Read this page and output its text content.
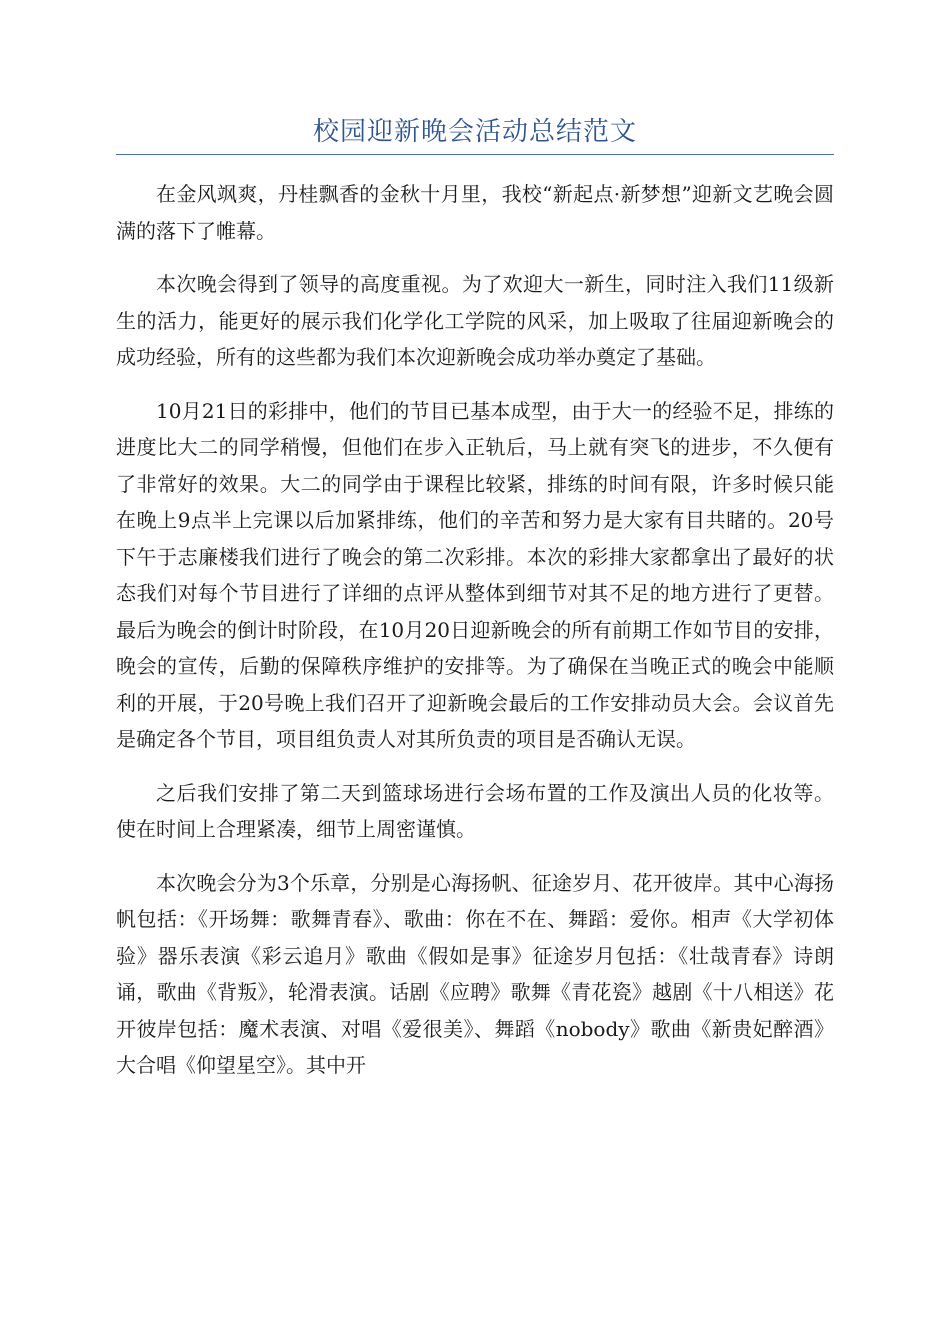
校园迎新晚会活动总结范文

在金风飒爽，丹桂飘香的金秋十月里，我校“新起点·新梦想”迎新文艺晚会圆满的落下了帷幕。

本次晚会得到了领导的高度重视。为了欢迎大一新生，同时注入我们11级新生的活力，能更好的展示我们化学化工学院的风采，加上吸取了往届迎新晚会的成功经验，所有的这些都为我们本次迎新晚会成功举办奠定了基础。

10月21日的彩排中，他们的节目已基本成型，由于大一的经验不足，排练的进度比大二的同学稍慢，但他们在步入正轨后，马上就有突飞的进步，不久便有了非常好的效果。大二的同学由于课程比较紧，排练的时间有限，许多时候只能在晚上9点半上完课以后加紧排练，他们的辛苦和努力是大家有目共睹的。20号下午于志廉楼我们进行了晚会的第二次彩排。本次的彩排大家都拿出了最好的状态我们对每个节目进行了详细的点评从整体到细节对其不足的地方进行了更替。最后为晚会的倒计时阶段，在10月20日迎新晚会的所有前期工作如节目的安排，晚会的宣传，后勤的保障秩序维护的安排等。为了确保在当晚正式的晚会中能顺利的开展，于20号晚上我们召开了迎新晚会最后的工作安排动员大会。会议首先是确定各个节目，项目组负责人对其所负责的项目是否确认无误。

之后我们安排了第二天到篮球场进行会场布置的工作及演出人员的化妆等。使在时间上合理紧凑，细节上周密谨慎。

本次晚会分为3个乐章，分别是心海扬帆、征途岁月、花开彼岸。其中心海扬帆包括：《开场舞：歌舞青春》、歌曲：你在不在、舞蹈：爱你。相声《大学初体验》器乐表演《彩云追月》歌曲《假如是事》征途岁月包括：《壮哉青春》诗朗诵，歌曲《背叛》，轮滑表演。话剧《应聘》歌舞《青花瓷》越剧《十八相送》花开彼岸包括：魔术表演、对唱《爱很美》、舞蹈《nobody》歌曲《新贵妃醉酒》大合唱《仰望星空》。其中开
